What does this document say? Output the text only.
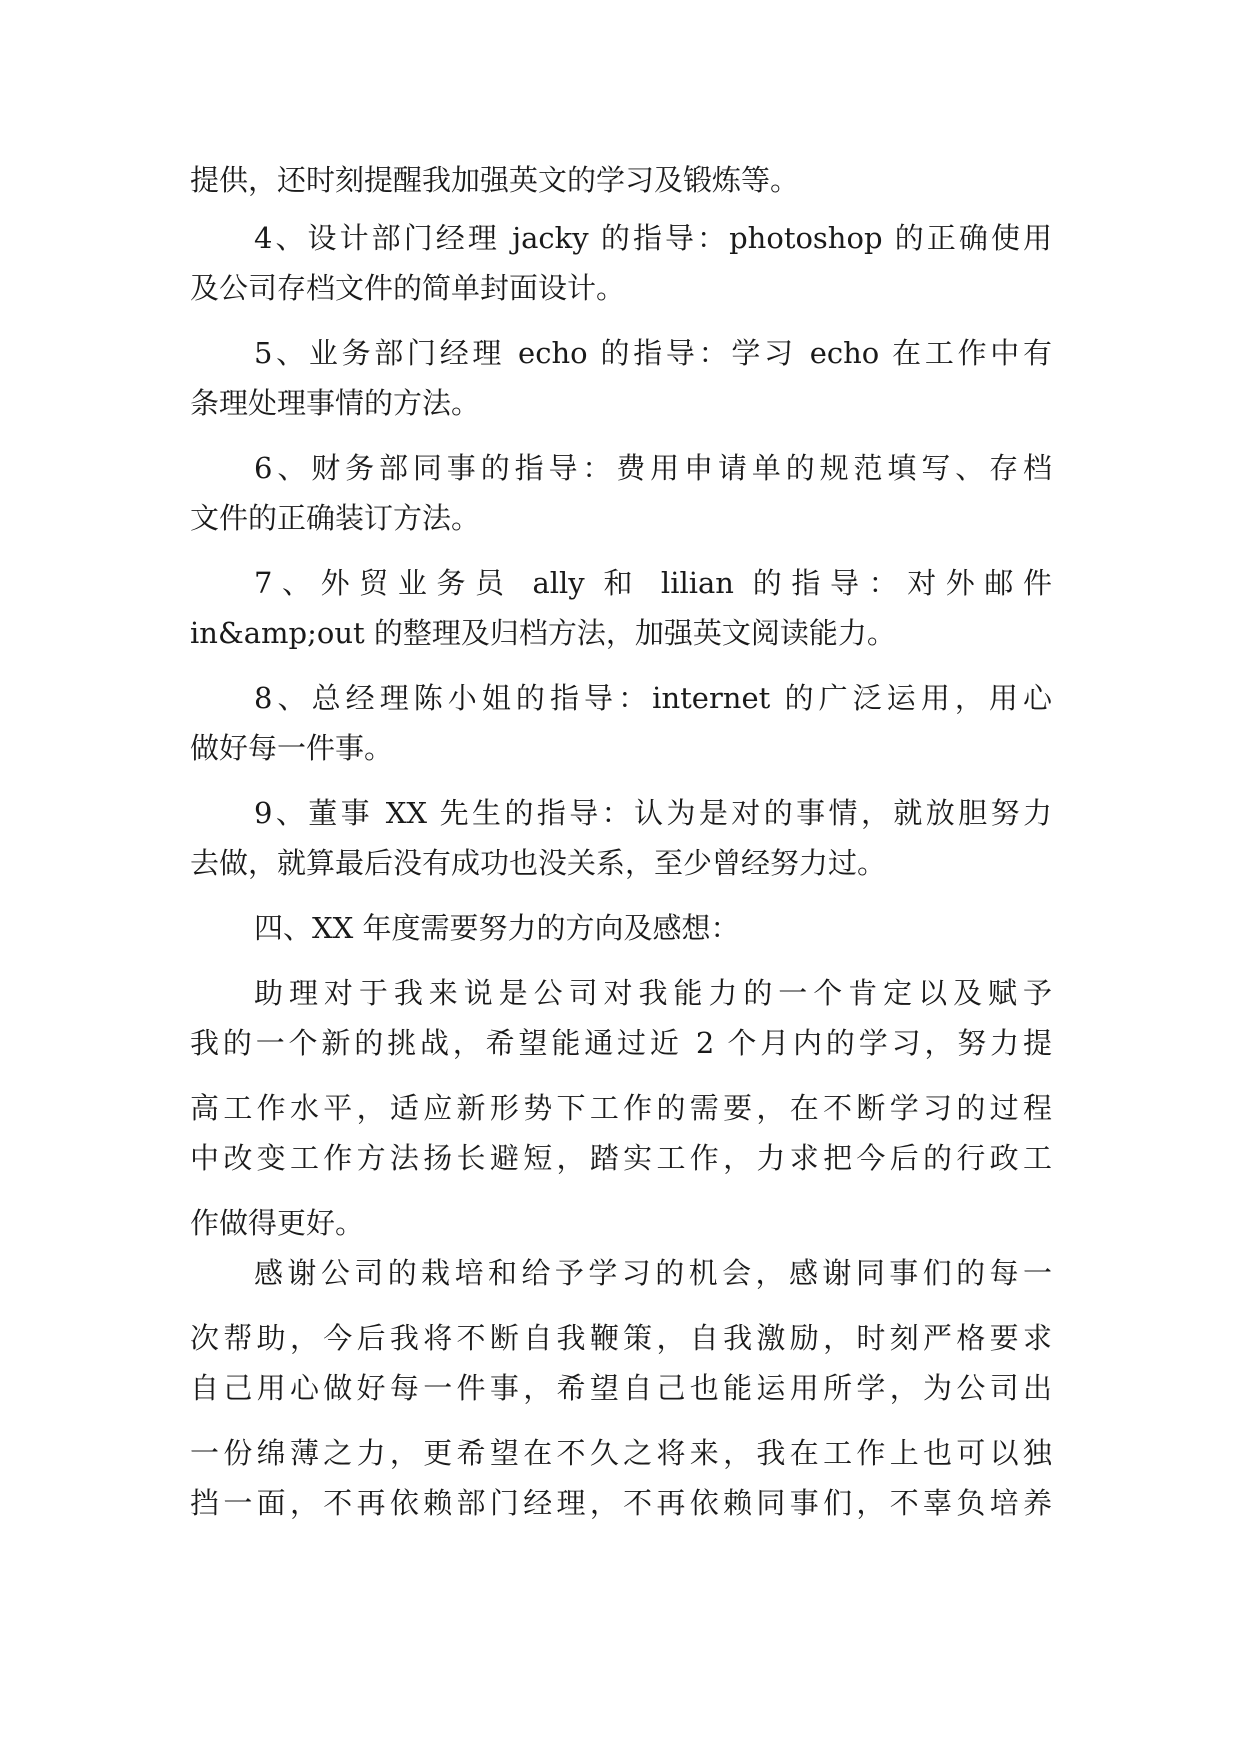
提供，还时刻提醒我加强英文的学习及锻炼等。
4、设计部门经理 jacky 的指导：photoshop 的正确使用
及公司存档文件的简单封面设计。
5、业务部门经理 echo 的指导：学习 echo 在工作中有
条理处理事情的方法。
6、财务部同事的指导：费用申请单的规范填写、存档
文件的正确装订方法。
7、外贸业务员 ally 和 lilian 的指导：对外邮件
in&amp;out 的整理及归档方法，加强英文阅读能力。
8、总经理陈小姐的指导：internet 的广泛运用，用心
做好每一件事。
9、董事 XX 先生的指导：认为是对的事情，就放胆努力
去做，就算最后没有成功也没关系，至少曾经努力过。
四、XX 年度需要努力的方向及感想：
助理对于我来说是公司对我能力的一个肯定以及赋予
我的一个新的挑战，希望能通过近 2 个月内的学习，努力提
高工作水平，适应新形势下工作的需要，在不断学习的过程
中改变工作方法扬长避短，踏实工作，力求把今后的行政工
作做得更好。
感谢公司的栽培和给予学习的机会，感谢同事们的每一
次帮助，今后我将不断自我鞭策，自我激励，时刻严格要求
自己用心做好每一件事，希望自己也能运用所学，为公司出
一份绵薄之力，更希望在不久之将来，我在工作上也可以独
挡一面，不再依赖部门经理，不再依赖同事们，不辜负培养
